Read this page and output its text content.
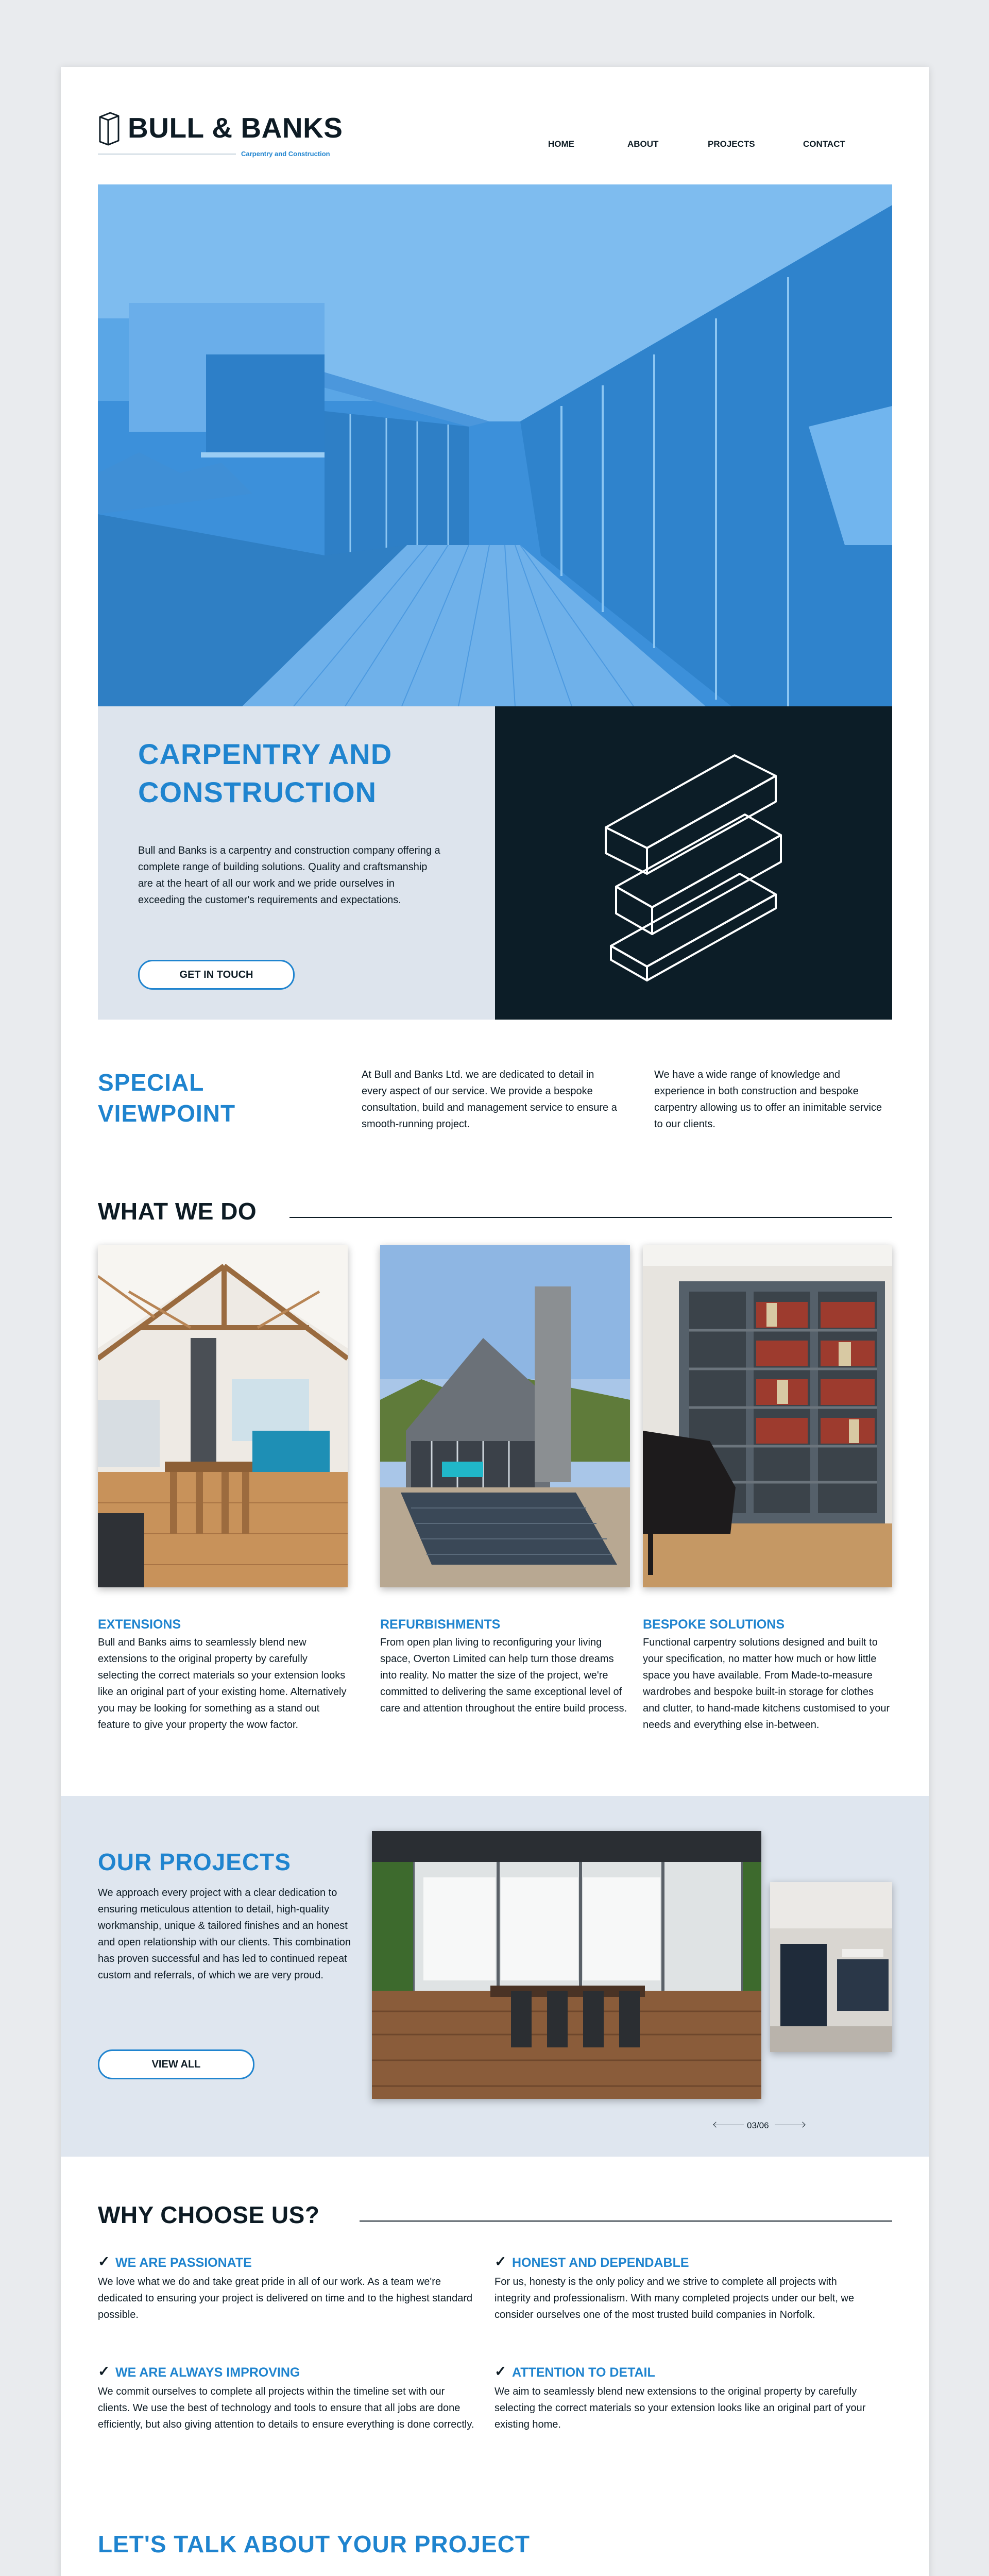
BULL & BANKS
Carpentry and Construction
HOME	ABOUT	PROJECTS	CONTACT
CARPENTRY AND
CONSTRUCTION
Bull and Banks is a carpentry and construction company offering a complete range of building solutions. Quality and craftsmanship are at the heart of all our work and we pride ourselves in exceeding the customer's requirements and expectations.
GET IN TOUCH
SPECIAL
VIEWPOINT
At Bull and Banks Ltd. we are dedicated to detail in every aspect of our service. We provide a bespoke consultation, build and management service to ensure a smooth-running project.
We have a wide range of knowledge and experience in both construction and bespoke carpentry allowing us to offer an inimitable service to our clients.
WHAT WE DO
EXTENSIONS
Bull and Banks aims to seamlessly blend new extensions to the original property by carefully selecting the correct materials so your extension looks like an original part of your existing home. Alternatively you may be looking for something as a stand out feature to give your property the wow factor.
REFURBISHMENTS
From open plan living to reconfiguring your living space, Overton Limited can help turn those dreams into reality. No matter the size of the project, we're committed to delivering the same exceptional level of care and attention throughout the entire build process.
BESPOKE SOLUTIONS
Functional carpentry solutions designed and built to your specification, no matter how much or how little space you have available. From Made-to-measure wardrobes and bespoke built-in storage for clothes and clutter, to hand-made kitchens customised to your needs and everything else in-between.
OUR PROJECTS
We approach every project with a clear dedication to ensuring meticulous attention to detail, high-quality workmanship, unique & tailored finishes and an honest and open relationship with our clients. This combination has proven successful and has led to continued repeat custom and referrals, of which we are very proud.
VIEW ALL
03/06
WHY CHOOSE US?
✓ WE ARE PASSIONATE
We love what we do and take great pride in all of our work. As a team we're dedicated to ensuring your project is delivered on time and to the highest standard possible.
✓ HONEST AND DEPENDABLE
For us, honesty is the only policy and we strive to complete all projects with integrity and professionalism. With many completed projects under our belt, we consider ourselves one of the most trusted build companies in Norfolk.
✓ WE ARE ALWAYS IMPROVING
We commit ourselves to complete all projects within the timeline set with our clients. We use the best of technology and tools to ensure that all jobs are done efficiently, but also giving attention to details to ensure everything is done correctly.
✓ ATTENTION TO DETAIL
We aim to seamlessly blend new extensions to the original property by carefully selecting the correct materials so your extension looks like an original part of your existing home.
LET'S TALK ABOUT YOUR PROJECT
